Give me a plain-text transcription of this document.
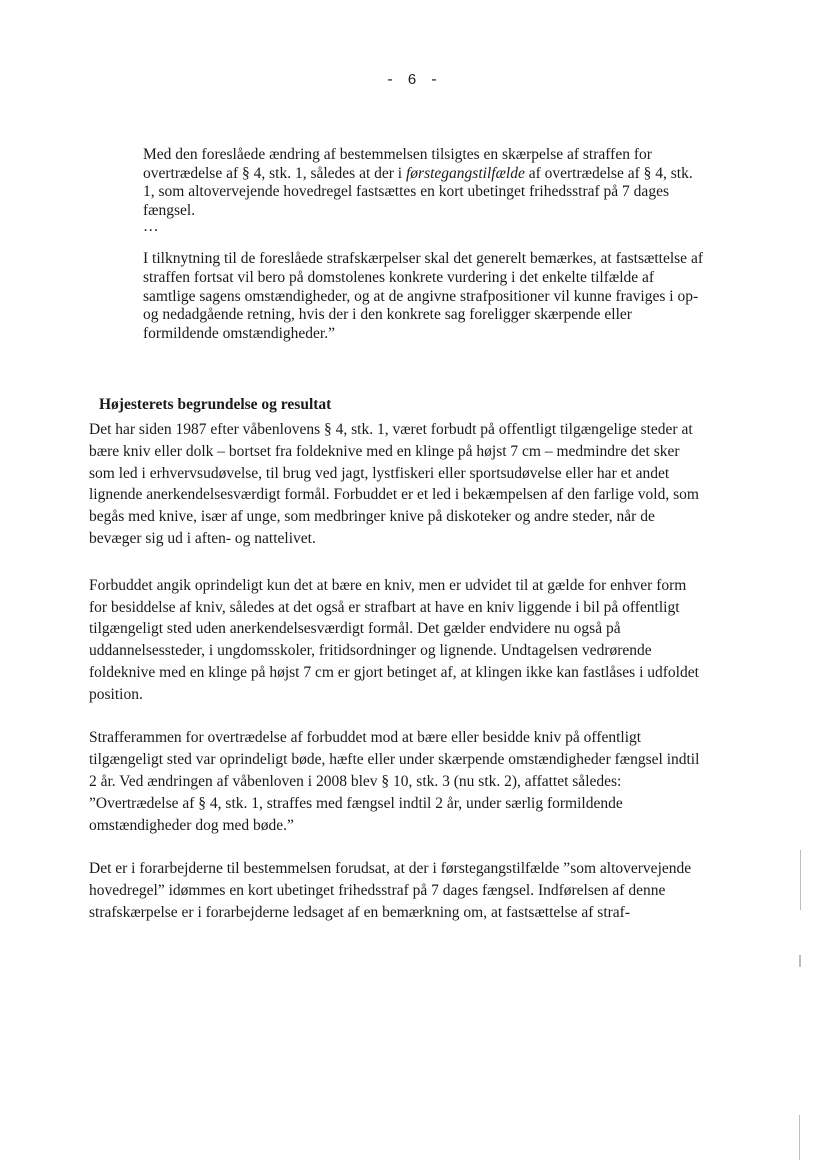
- 6 -

Med den foreslåede ændring af bestemmelsen tilsigtes en skærpelse af straffen for overtrædelse af § 4, stk. 1, således at der i førstegangstilfælde af overtrædelse af § 4, stk. 1, som altovervejende hovedregel fastsættes en kort ubetinget frihedsstraf på 7 dages fængsel.

…

I tilknytning til de foreslåede strafskærpelser skal det generelt bemærkes, at fastsættelse af straffen fortsat vil bero på domstolenes konkrete vurdering i det enkelte tilfælde af samtlige sagens omstændigheder, og at de angivne strafpositioner vil kunne fraviges i op- og nedadgående retning, hvis der i den konkrete sag foreligger skærpende eller formildende omstændigheder.”

Højesterets begrundelse og resultat

Det har siden 1987 efter våbenlovens § 4, stk. 1, været forbudt på offentligt tilgængelige steder at bære kniv eller dolk – bortset fra foldeknive med en klinge på højst 7 cm – medmindre det sker som led i erhvervsudøvelse, til brug ved jagt, lystfiskeri eller sportsudøvelse eller har et andet lignende anerkendelsesværdigt formål. Forbuddet er et led i bekæmpelsen af den farlige vold, som begås med knive, især af unge, som medbringer knive på diskoteker og andre steder, når de bevæger sig ud i aften- og nattelivet.

Forbuddet angik oprindeligt kun det at bære en kniv, men er udvidet til at gælde for enhver form for besiddelse af kniv, således at det også er strafbart at have en kniv liggende i bil på offentligt tilgængeligt sted uden anerkendelsesværdigt formål. Det gælder endvidere nu også på uddannelsessteder, i ungdomsskoler, fritidsordninger og lignende. Undtagelsen vedrørende foldeknive med en klinge på højst 7 cm er gjort betinget af, at klingen ikke kan fastlåses i udfoldet position.

Strafferammen for overtrædelse af forbuddet mod at bære eller besidde kniv på offentligt tilgængeligt sted var oprindeligt bøde, hæfte eller under skærpende omstændigheder fængsel indtil 2 år. Ved ændringen af våbenloven i 2008 blev § 10, stk. 3 (nu stk. 2), affattet således: ”Overtrædelse af § 4, stk. 1, straffes med fængsel indtil 2 år, under særlig formildende omstændigheder dog med bøde.”

Det er i forarbejderne til bestemmelsen forudsat, at der i førstegangstilfælde ”som altovervejende hovedregel” idømmes en kort ubetinget frihedsstraf på 7 dages fængsel. Indførelsen af denne strafskærpelse er i forarbejderne ledsaget af en bemærkning om, at fastsættelse af straf-
